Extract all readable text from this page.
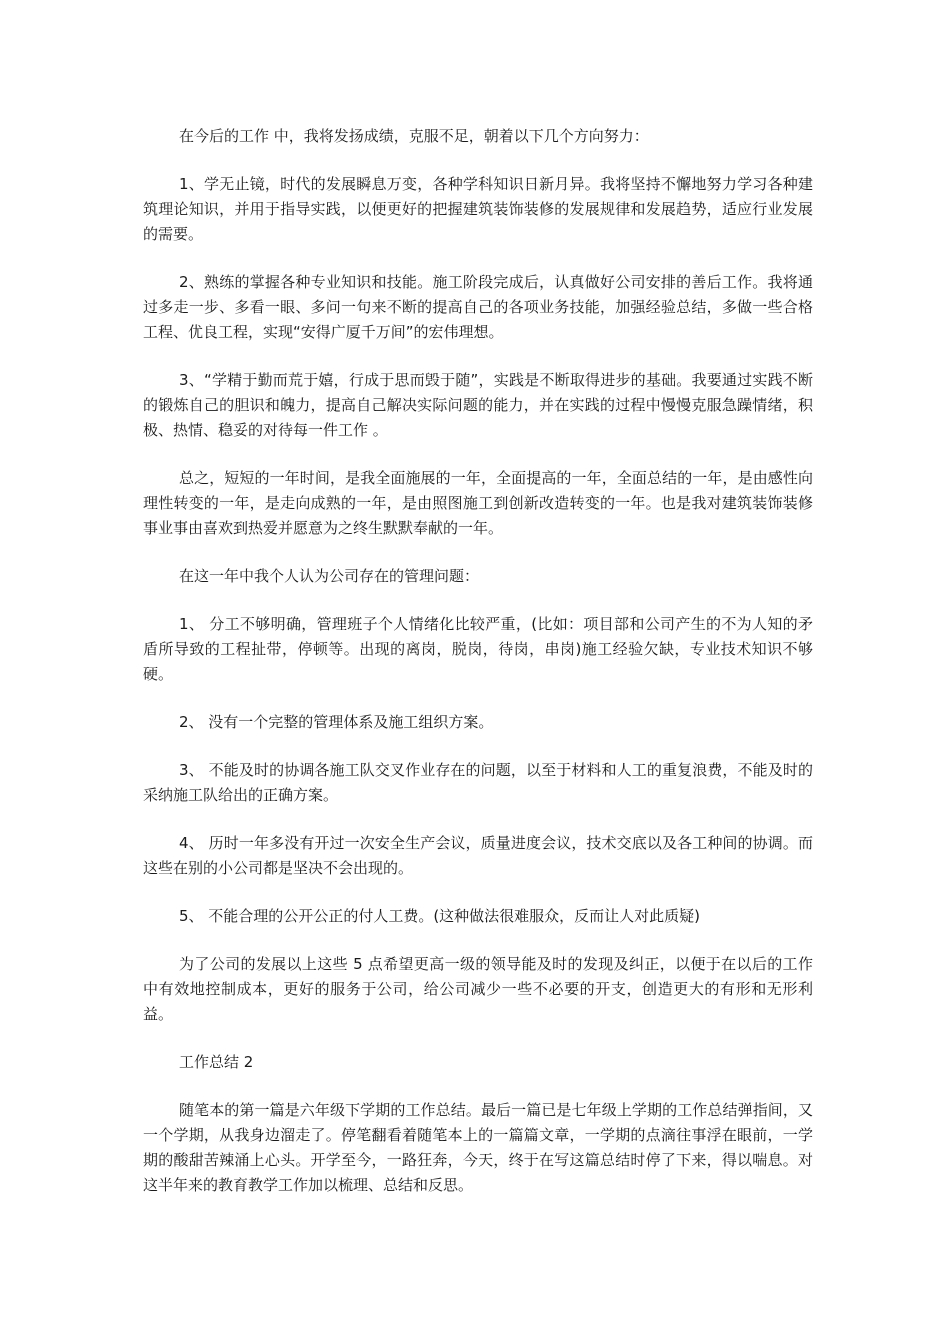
在今后的工作 中，我将发扬成绩，克服不足，朝着以下几个方向努力：

1、学无止镜，时代的发展瞬息万变，各种学科知识日新月异。我将坚持不懈地努力学习各种建筑理论知识，并用于指导实践，以便更好的把握建筑装饰装修的发展规律和发展趋势，适应行业发展的需要。

2、熟练的掌握各种专业知识和技能。施工阶段完成后，认真做好公司安排的善后工作。我将通过多走一步、多看一眼、多问一句来不断的提高自己的各项业务技能，加强经验总结，多做一些合格工程、优良工程，实现“安得广厦千万间”的宏伟理想。

3、“学精于勤而荒于嬉，行成于思而毁于随”，实践是不断取得进步的基础。我要通过实践不断的锻炼自己的胆识和魄力，提高自己解决实际问题的能力，并在实践的过程中慢慢克服急躁情绪，积极、热情、稳妥的对待每一件工作 。

总之，短短的一年时间，是我全面施展的一年，全面提高的一年，全面总结的一年，是由感性向理性转变的一年，是走向成熟的一年，是由照图施工到创新改造转变的一年。也是我对建筑装饰装修事业事由喜欢到热爱并愿意为之终生默默奉献的一年。

在这一年中我个人认为公司存在的管理问题：

1、 分工不够明确，管理班子个人情绪化比较严重，(比如：项目部和公司产生的不为人知的矛盾所导致的工程扯带，停顿等。出现的离岗，脱岗，待岗，串岗)施工经验欠缺，专业技术知识不够硬。

2、 没有一个完整的管理体系及施工组织方案。

3、 不能及时的协调各施工队交叉作业存在的问题，以至于材料和人工的重复浪费，不能及时的采纳施工队给出的正确方案。

4、 历时一年多没有开过一次安全生产会议，质量进度会议，技术交底以及各工种间的协调。而这些在别的小公司都是坚决不会出现的。

5、 不能合理的公开公正的付人工费。(这种做法很难服众，反而让人对此质疑)

为了公司的发展以上这些 5 点希望更高一级的领导能及时的发现及纠正，以便于在以后的工作中有效地控制成本，更好的服务于公司，给公司减少一些不必要的开支，创造更大的有形和无形利益。

工作总结 2

随笔本的第一篇是六年级下学期的工作总结。最后一篇已是七年级上学期的工作总结弹指间，又一个学期，从我身边溜走了。停笔翻看着随笔本上的一篇篇文章，一学期的点滴往事浮在眼前，一学期的酸甜苦辣涌上心头。开学至今，一路狂奔，今天，终于在写这篇总结时停了下来，得以喘息。对这半年来的教育教学工作加以梳理、总结和反思。
